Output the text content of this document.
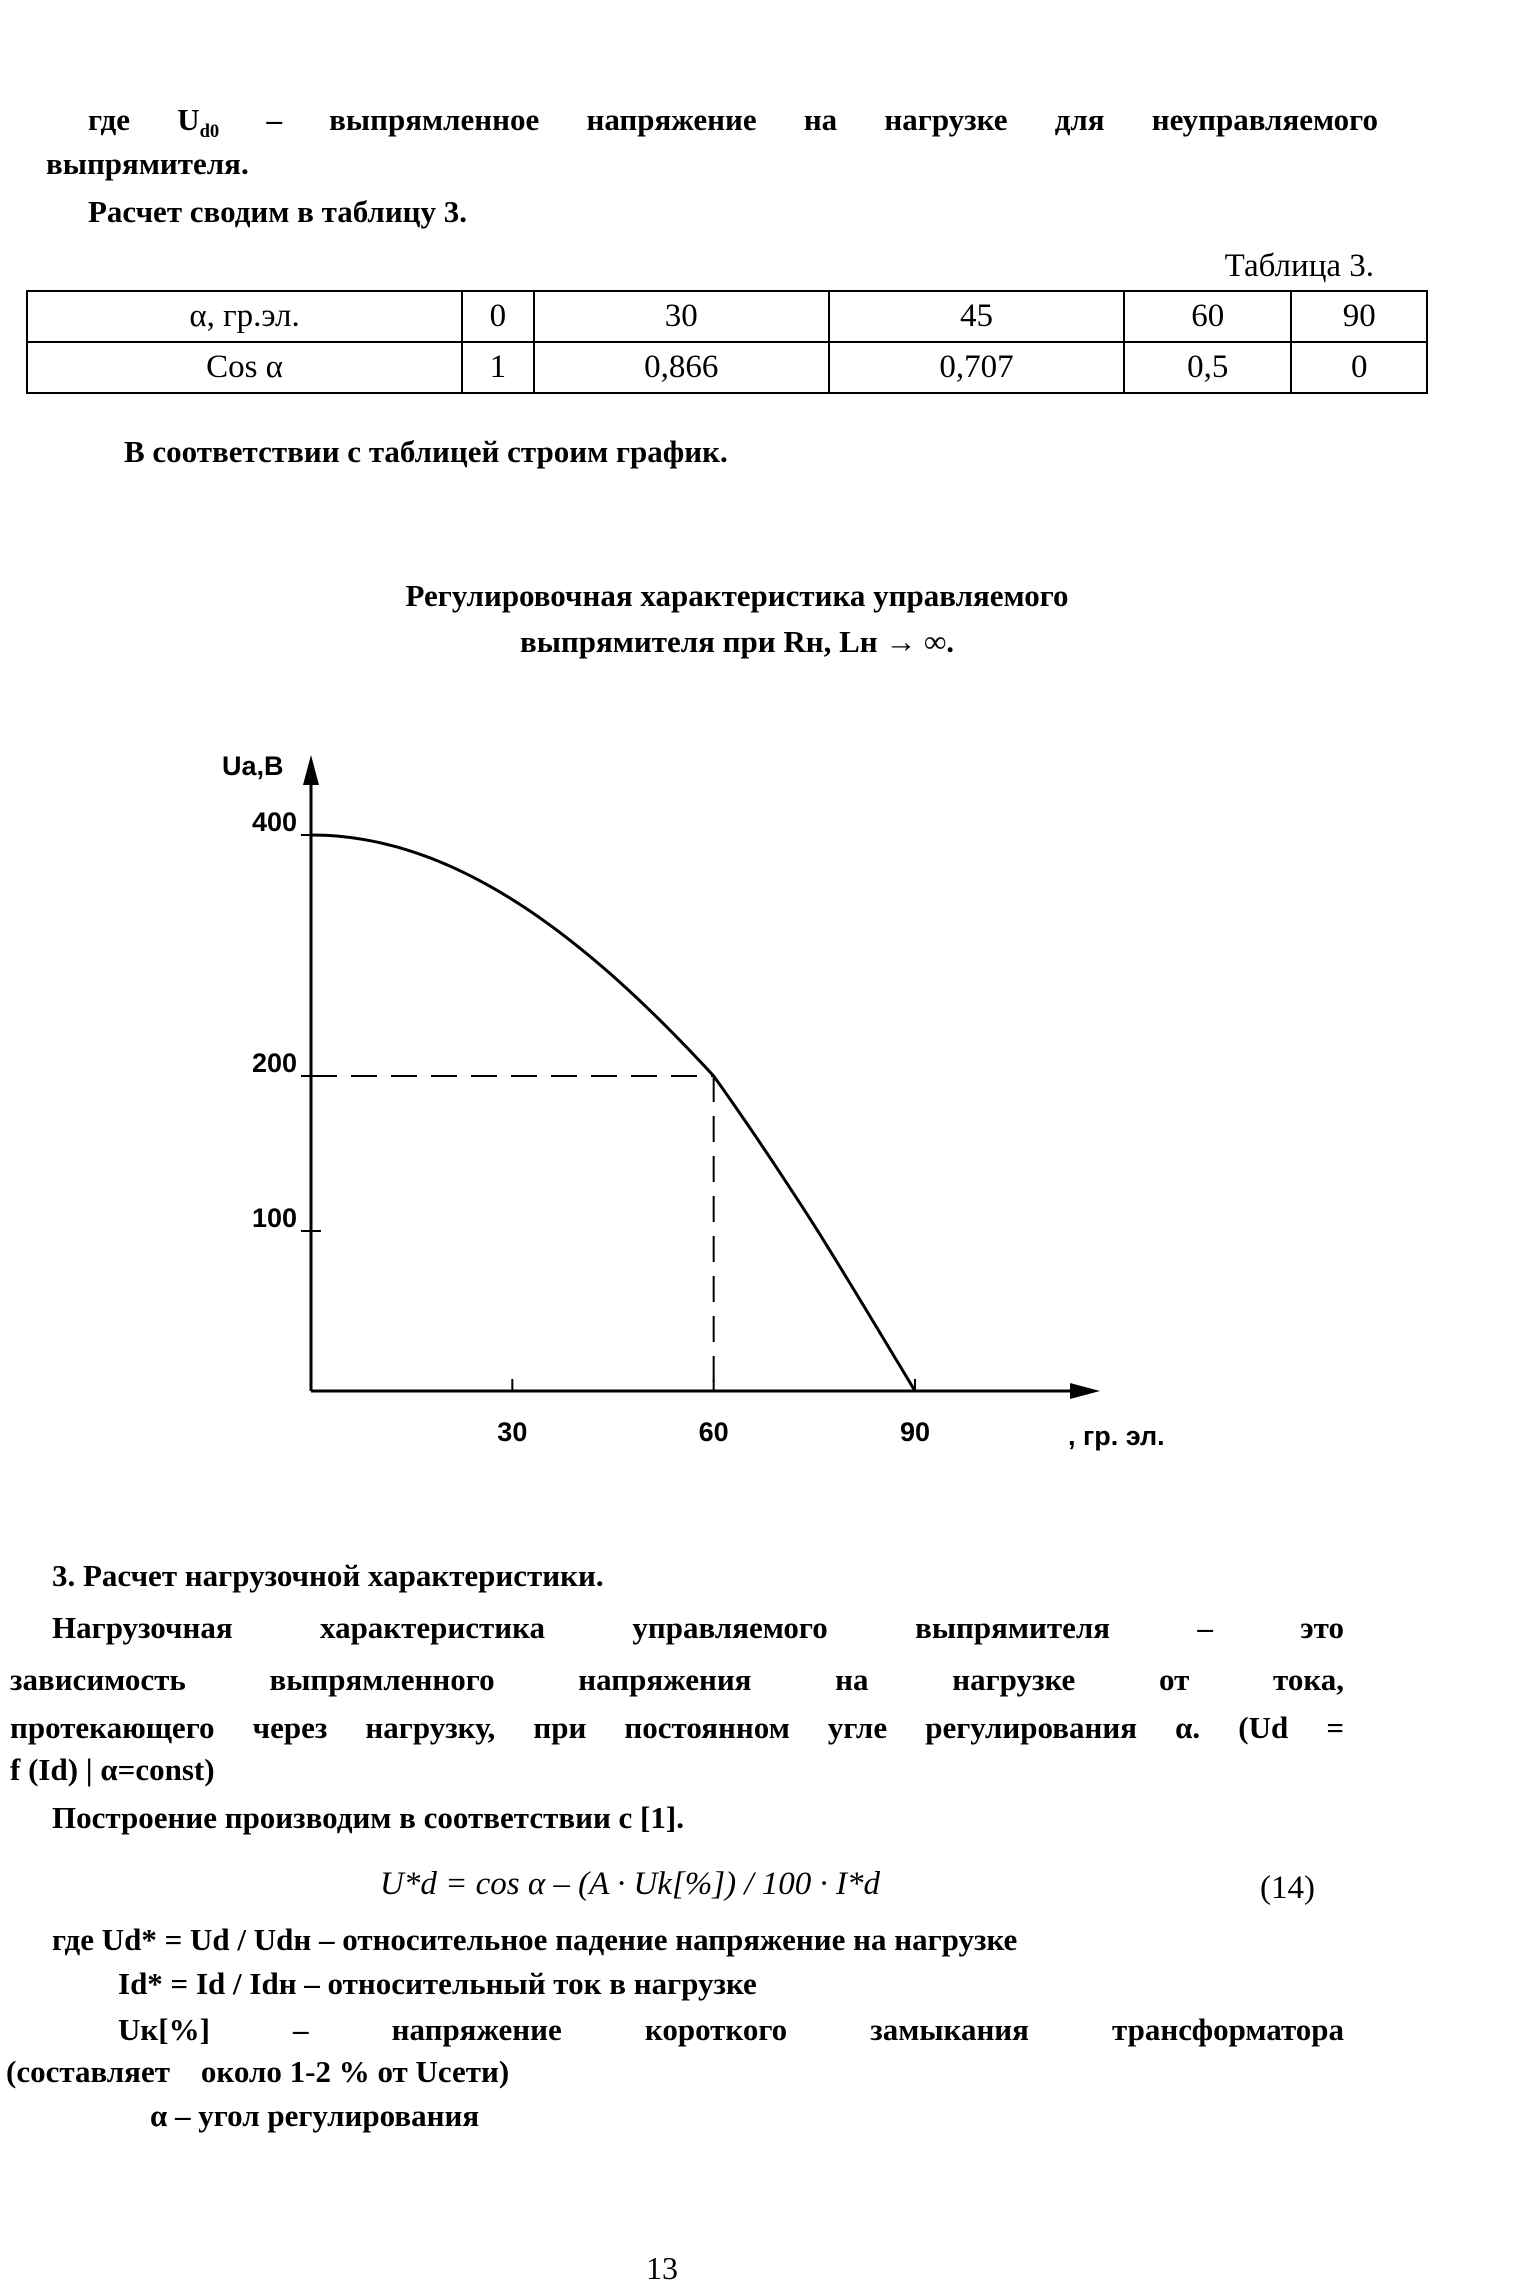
где $U_{d0}$ – выпрямленное напряжение на нагрузке для неуправляемого
выпрямителя.
Расчет сводим в таблицу 3.
Таблица 3.
α, гр.эл.	0	30	45	60	90
Cos α	1	0,866	0,707	0,5	0
В соответствии с таблицей строим график.
Регулировочная характеристика управляемого
выпрямителя при Rн, Lн → ∞.
30	60	90
400
200
100
Uа,В
, гр. эл.
3. Расчет нагрузочной характеристики.
Нагрузочная характеристика управляемого выпрямителя – это
зависимость выпрямленного напряжения на нагрузке от тока,
протекающего через нагрузку, при постоянном угле регулирования α. (Ud =
f (Id) | α=const)
Построение производим в соответствии с [1].
U*d = cos α – (A · Uk[%]) / 100 · I*d	(14)
где Ud* = Ud / Udн – относительное падение напряжение на нагрузке
Id* = Id / Idн – относительный ток в нагрузке
Uк[%] – напряжение короткого замыкания трансформатора
(составляет    около 1-2 % от Uсети)
α – угол регулирования
13
